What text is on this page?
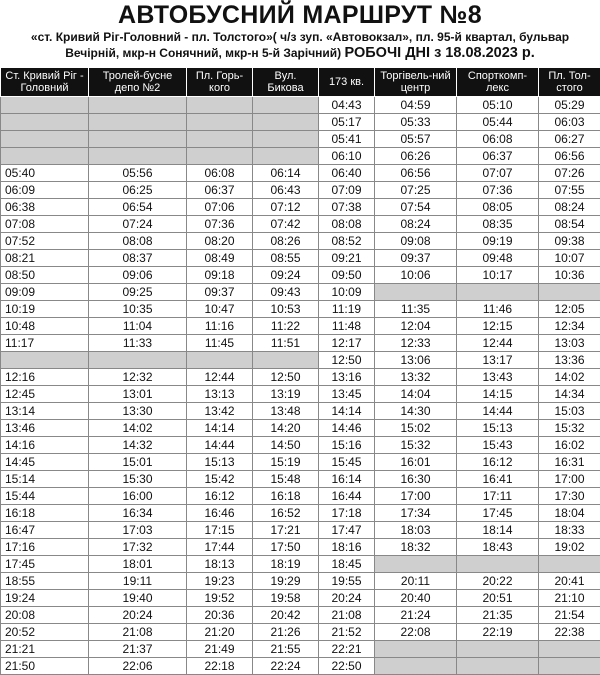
АВТОБУСНИЙ МАРШРУТ №8
«ст. Кривий Ріг-Головний - пл. Толстого»( ч/з зуп. «Автовокзал», пл. 95-й квартал, бульвар Вечірній, мкр-н Сонячний, мкр-н 5-й Зарічний) РОБОЧІ ДНІ з 18.08.2023 р.
Ст. Кривий Ріг - Головний	Тролей-бусне депо №2	Пл. Горь-кого	Вул. Бикова	173 кв.	Торгівель-ний центр	Спорткомп-лекс	Пл. Тол-стого
				04:43	04:59	05:10	05:29
				05:17	05:33	05:44	06:03
				05:41	05:57	06:08	06:27
				06:10	06:26	06:37	06:56
05:40	05:56	06:08	06:14	06:40	06:56	07:07	07:26
06:09	06:25	06:37	06:43	07:09	07:25	07:36	07:55
06:38	06:54	07:06	07:12	07:38	07:54	08:05	08:24
07:08	07:24	07:36	07:42	08:08	08:24	08:35	08:54
07:52	08:08	08:20	08:26	08:52	09:08	09:19	09:38
08:21	08:37	08:49	08:55	09:21	09:37	09:48	10:07
08:50	09:06	09:18	09:24	09:50	10:06	10:17	10:36
09:09	09:25	09:37	09:43	10:09			
10:19	10:35	10:47	10:53	11:19	11:35	11:46	12:05
10:48	11:04	11:16	11:22	11:48	12:04	12:15	12:34
11:17	11:33	11:45	11:51	12:17	12:33	12:44	13:03
				12:50	13:06	13:17	13:36
12:16	12:32	12:44	12:50	13:16	13:32	13:43	14:02
12:45	13:01	13:13	13:19	13:45	14:04	14:15	14:34
13:14	13:30	13:42	13:48	14:14	14:30	14:44	15:03
13:46	14:02	14:14	14:20	14:46	15:02	15:13	15:32
14:16	14:32	14:44	14:50	15:16	15:32	15:43	16:02
14:45	15:01	15:13	15:19	15:45	16:01	16:12	16:31
15:14	15:30	15:42	15:48	16:14	16:30	16:41	17:00
15:44	16:00	16:12	16:18	16:44	17:00	17:11	17:30
16:18	16:34	16:46	16:52	17:18	17:34	17:45	18:04
16:47	17:03	17:15	17:21	17:47	18:03	18:14	18:33
17:16	17:32	17:44	17:50	18:16	18:32	18:43	19:02
17:45	18:01	18:13	18:19	18:45			
18:55	19:11	19:23	19:29	19:55	20:11	20:22	20:41
19:24	19:40	19:52	19:58	20:24	20:40	20:51	21:10
20:08	20:24	20:36	20:42	21:08	21:24	21:35	21:54
20:52	21:08	21:20	21:26	21:52	22:08	22:19	22:38
21:21	21:37	21:49	21:55	22:21			
21:50	22:06	22:18	22:24	22:50			
